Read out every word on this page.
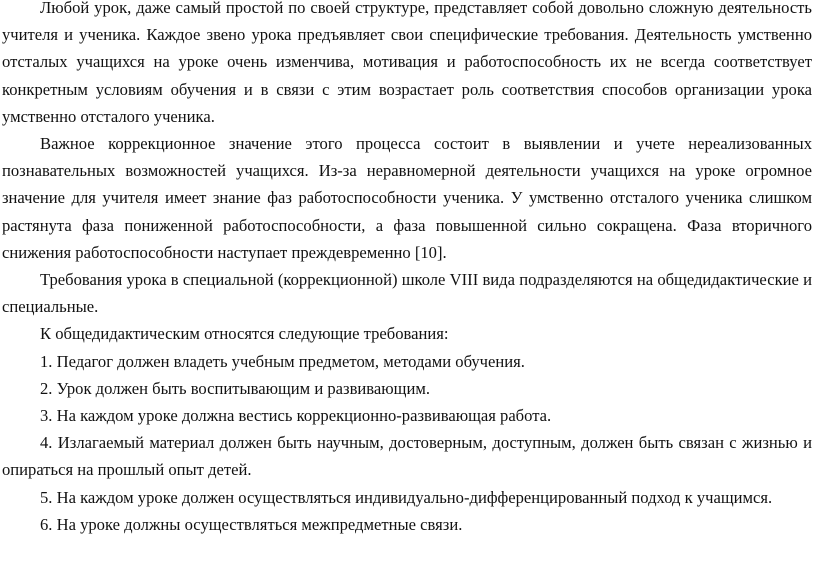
Любой урок, даже самый простой по своей структуре, представляет собой довольно сложную деятельность учителя и ученика. Каждое звено урока предъявляет свои специфические требования. Деятельность умственно отсталых учащихся на уроке очень изменчива, мотивация и работоспособность их не всегда соответствует конкретным условиям обучения и в связи с этим возрастает роль соответствия способов организации урока умственно отсталого ученика.

Важное коррекционное значение этого процесса состоит в выявлении и учете нереализованных познавательных возможностей учащихся. Из-за неравномерной деятельности учащихся на уроке огромное значение для учителя имеет знание фаз работоспособности ученика. У умственно отсталого ученика слишком растянута фаза пониженной работоспособности, а фаза повышенной сильно сокращена. Фаза вторичного снижения работоспособности наступает преждевременно [10].

Требования урока в специальной (коррекционной) школе VIII вида подразделяются на общедидактические и специальные.

К общедидактическим относятся следующие требования:

1. Педагог должен владеть учебным предметом, методами обучения.

2. Урок должен быть воспитывающим и развивающим.

3. На каждом уроке должна вестись коррекционно-развивающая работа.

4. Излагаемый материал должен быть научным, достоверным, доступным, должен быть связан с жизнью и опираться на прошлый опыт детей.

5. На каждом уроке должен осуществляться индивидуально-дифференцированный подход к учащимся.

6. На уроке должны осуществляться межпредметные связи.
